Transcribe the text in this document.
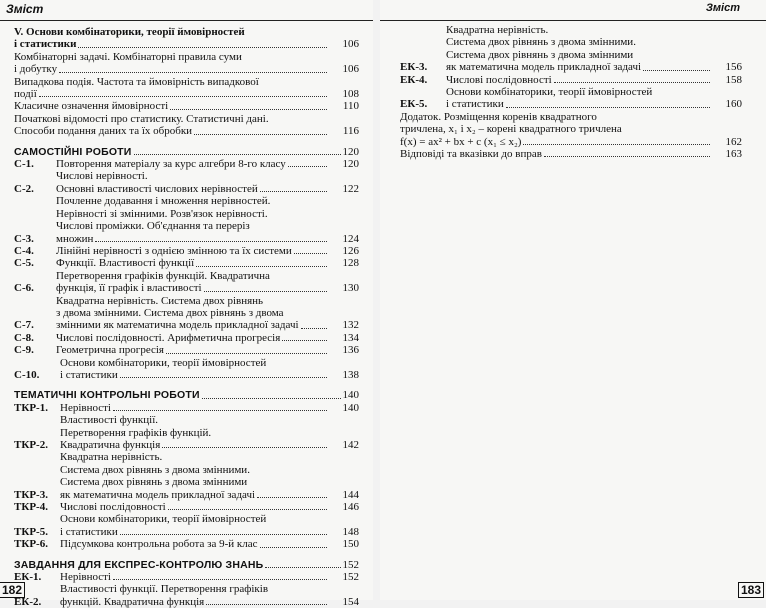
Зміст
V. Основи комбінаторики, теорії ймовірностей
і статистики	106
Комбінаторні задачі. Комбінаторні правила суми
і добутку	106
Випадкова подія. Частота та ймовірність випадкової
події	108
Класичне означення ймовірності	110
Початкові відомості про статистику. Статистичні дані.
Способи подання даних та їх обробки	116
САМОСТІЙНІ РОБОТИ	120
С-1.	Повторення матеріалу за курс алгебри 8-го класу	120
С-2.
Числові нерівності.
Основні властивості числових нерівностей	122
С-3.
Почленне додавання і множення нерівностей.
Нерівності зі змінними. Розв'язок нерівності.
Числові проміжки. Об'єднання та переріз
множин	124
С-4.	Лінійні нерівності з однією змінною та їх системи	126
С-5.	Функції. Властивості функції	128
С-6.
Перетворення графіків функцій. Квадратична
функція, її графік і властивості	130
С-7.
Квадратна нерівність. Система двох рівнянь
з двома змінними. Система двох рівнянь з двома
змінними як математична модель прикладної задачі	132
С-8.	Числові послідовності. Арифметична прогресія	134
С-9.	Геометрична прогресія	136
С-10.
Основи комбінаторики, теорії ймовірностей
і статистики	138
ТЕМАТИЧНІ КОНТРОЛЬНІ РОБОТИ	140
ТКР-1.	Нерівності	140
ТКР-2.
Властивості функції.
Перетворення графіків функцій.
Квадратична функція	142
ТКР-3.
Квадратна нерівність.
Система двох рівнянь з двома змінними.
Система двох рівнянь з двома змінними
як математична модель прикладної задачі	144
ТКР-4.	Числові послідовності	146
ТКР-5.
Основи комбінаторики, теорії ймовірностей
і статистики	148
ТКР-6.	Підсумкова контрольна робота за 9-й клас	150
ЗАВДАННЯ ДЛЯ ЕКСПРЕС-КОНТРОЛЮ ЗНАНЬ	152
ЕК-1.	Нерівності	152
ЕК-2.
Властивості функції. Перетворення графіків
функцій. Квадратична функція	154
182
Зміст
ЕК-3.
Квадратна нерівність.
Система двох рівнянь з двома змінними.
Система двох рівнянь з двома змінними
як математична модель прикладної задачі	156
ЕК-4.	Числові послідовності	158
ЕК-5.
Основи комбінаторики, теорії ймовірностей
і статистики	160
Додаток. Розміщення коренів квадратного
тричлена, x₁ і x₂ – корені квадратного тричлена
f(x) = ax² + bx + c (x₁ ≤ x₂)	162
Відповіді та вказівки до вправ	163
183
